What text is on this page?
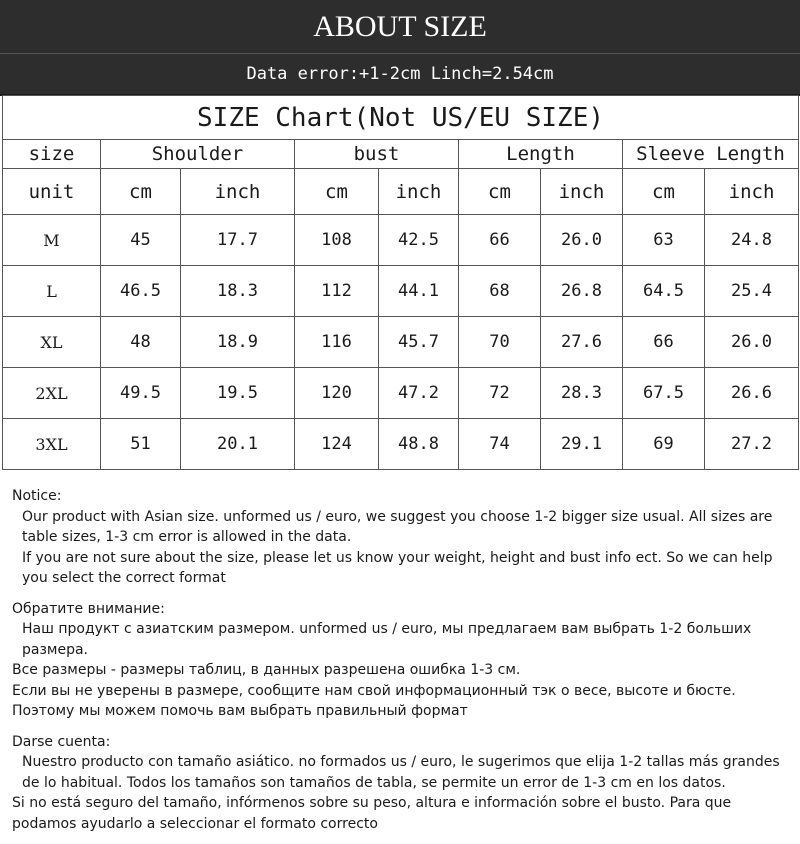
ABOUT SIZE
Data error:+1-2cm Linch=2.54cm
SIZE Chart(Not US/EU SIZE)								
size	Shoulder		bust		Length		Sleeve Length	
unit	cm	inch	cm	inch	cm	inch	cm	inch
M	45	17.7	108	42.5	66	26.0	63	24.8
L	46.5	18.3	112	44.1	68	26.8	64.5	25.4
XL	48	18.9	116	45.7	70	27.6	66	26.0
2XL	49.5	19.5	120	47.2	72	28.3	67.5	26.6
3XL	51	20.1	124	48.8	74	29.1	69	27.2

Notice:

Our product with Asian size. unformed us / euro, we suggest you choose 1-2 bigger size usual. All sizes are table sizes, 1-3 cm error is allowed in the data.

If you are not sure about the size, please let us know your weight, height and bust info ect. So we can help you select the correct format

Обратите внимание:

Наш продукт с азиатским размером. unformed us / euro, мы предлагаем вам выбрать 1-2 больших размера.

Все размеры - размеры таблиц, в данных разрешена ошибка 1-3 см.

Если вы не уверены в размере, сообщите нам свой информационный тэк о весе, высоте и бюсте. Поэтому мы можем помочь вам выбрать правильный формат

Darse cuenta:

Nuestro producto con tamaño asiático. no formados us / euro, le sugerimos que elija 1-2 tallas más grandes de lo habitual. Todos los tamaños son tamaños de tabla, se permite un error de 1-3 cm en los datos.

Si no está seguro del tamaño, infórmenos sobre su peso, altura e información sobre el busto. Para que podamos ayudarlo a seleccionar el formato correcto
